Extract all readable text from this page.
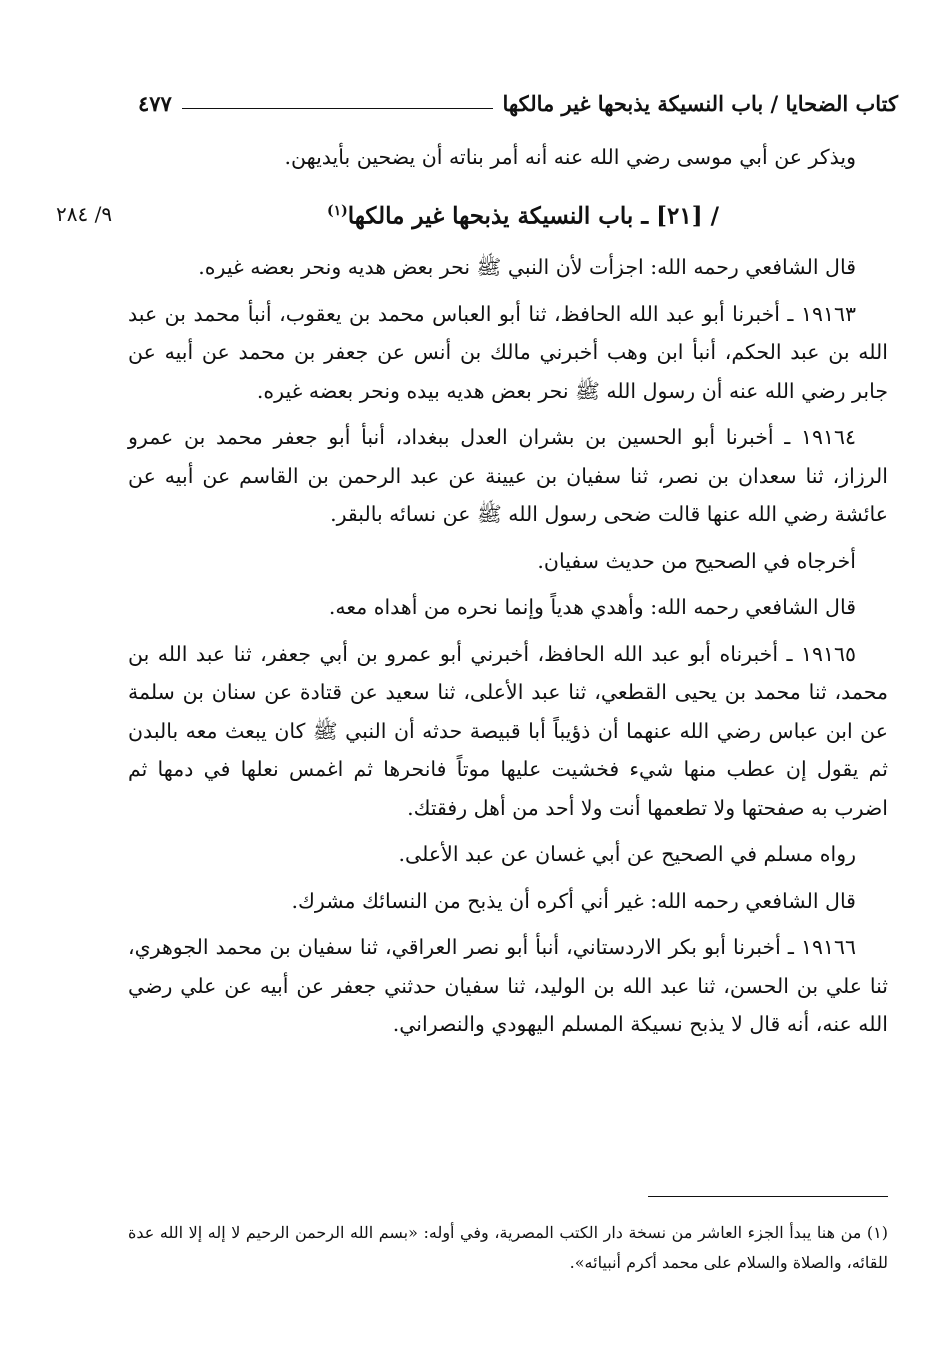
كتاب الضحايا / باب النسيكة يذبحها غير مالكها
٤٧٧
٩/ ٢٨٤

ويذكر عن أبي موسى رضي الله عنه أنه أمر بناته أن يضحين بأيديهن.

/ [٢١] ـ باب النسيكة يذبحها غير مالكها$^{(١)}$

قال الشافعي رحمه الله: اجزأت لأن النبي ﷺ نحر بعض هديه ونحر بعضه غيره.

١٩١٦٣ ـ أخبرنا أبو عبد الله الحافظ، ثنا أبو العباس محمد بن يعقوب، أنبأ محمد بن عبد الله بن عبد الحكم، أنبأ ابن وهب أخبرني مالك بن أنس عن جعفر بن محمد عن أبيه عن جابر رضي الله عنه أن رسول الله ﷺ نحر بعض هديه بيده ونحر بعضه غيره.

١٩١٦٤ ـ أخبرنا أبو الحسين بن بشران العدل ببغداد، أنبأ أبو جعفر محمد بن عمرو الرزاز، ثنا سعدان بن نصر، ثنا سفيان بن عيينة عن عبد الرحمن بن القاسم عن أبيه عن عائشة رضي الله عنها قالت ضحى رسول الله ﷺ عن نسائه بالبقر.

أخرجاه في الصحيح من حديث سفيان.

قال الشافعي رحمه الله: وأهدي هدياً وإنما نحره من أهداه معه.

١٩١٦٥ ـ أخبرناه أبو عبد الله الحافظ، أخبرني أبو عمرو بن أبي جعفر، ثنا عبد الله بن محمد، ثنا محمد بن يحيى القطعي، ثنا عبد الأعلى، ثنا سعيد عن قتادة عن سنان بن سلمة عن ابن عباس رضي الله عنهما أن ذؤيباً أبا قبيصة حدثه أن النبي ﷺ كان يبعث معه بالبدن ثم يقول إن عطب منها شيء فخشيت عليها موتاً فانحرها ثم اغمس نعلها في دمها ثم اضرب به صفحتها ولا تطعمها أنت ولا أحد من أهل رفقتك.

رواه مسلم في الصحيح عن أبي غسان عن عبد الأعلى.

قال الشافعي رحمه الله: غير أني أكره أن يذبح من النسائك مشرك.

١٩١٦٦ ـ أخبرنا أبو بكر الاردستاني، أنبأ أبو نصر العراقي، ثنا سفيان بن محمد الجوهري، ثنا علي بن الحسن، ثنا عبد الله بن الوليد، ثنا سفيان حدثني جعفر عن أبيه عن علي رضي الله عنه، أنه قال لا يذبح نسيكة المسلم اليهودي والنصراني.

(١) من هنا يبدأ الجزء العاشر من نسخة دار الكتب المصرية، وفي أوله: «بسم الله الرحمن الرحيم لا إله إلا الله عدة للقائه، والصلاة والسلام على محمد أكرم أنبيائه».
